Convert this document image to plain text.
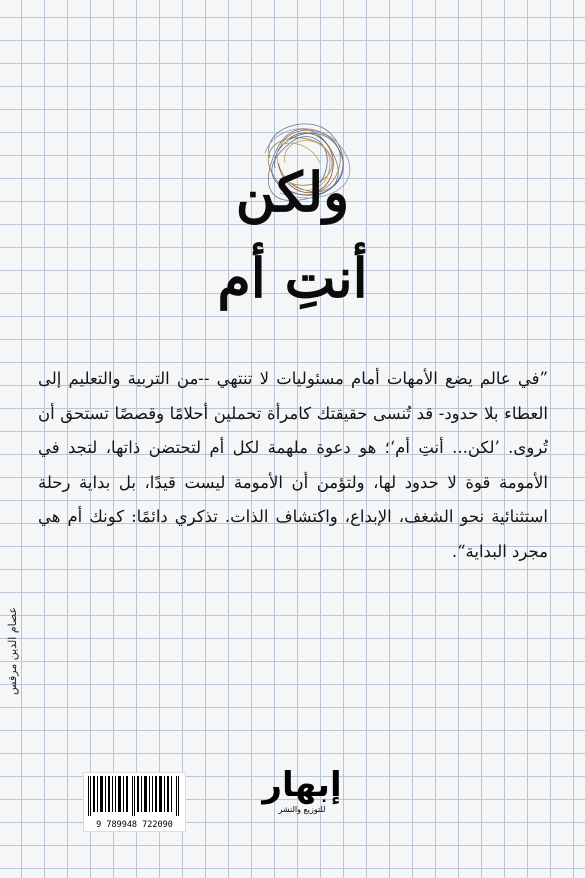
ولكن
أنتِ أم
”في عالم يضع الأمهات أمام مسئوليات لا تنتهي --من التربية والتعليم إلى العطاء بلا حدود- قد تُنسى حقيقتك كامرأة تحملين أحلامًا وقصصًا تستحق أن تُروى. ’لكن... أنتِ أم‘؛ هو دعوة ملهمة لكل أم لتحتضن ذاتها، لتجد في الأمومة قوة لا حدود لها، ولتؤمن أن الأمومة ليست قيدًا، بل بداية رحلة استثنائية نحو الشغف، الإبداع، واكتشاف الذات. تذكري دائمًا: كونك أم هي مجرد البداية“.
عصام الدين مرقس
9 789948 722090
إبهار
للتوزيع والنشر
